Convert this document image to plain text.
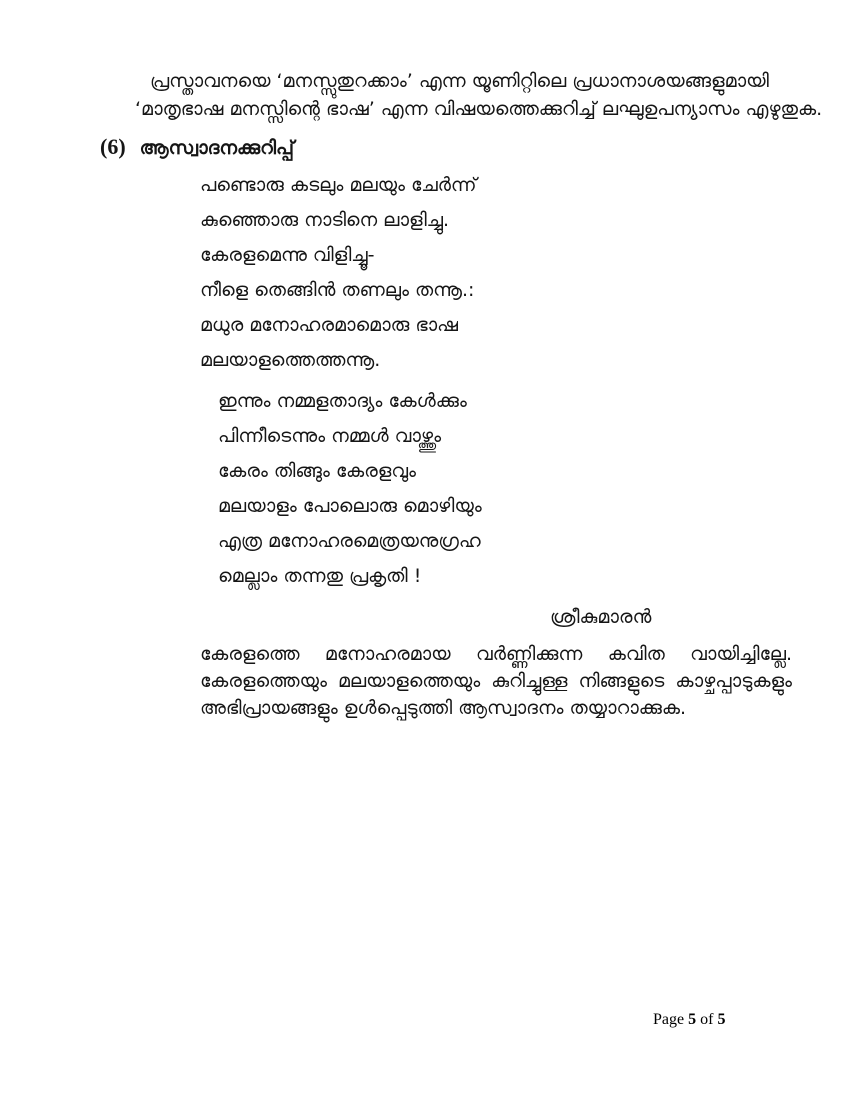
പ്രസ്താവനയെ ‘മനസ്സുതുറക്കാം’ എന്ന യൂണിറ്റിലെ പ്രധാനാശയങ്ങളുമായി
‘മാതൃഭാഷ മനസ്സിന്റെ ഭാഷ’ എന്ന വിഷയത്തെക്കുറിച്ച് ലഘുഉപന്യാസം എഴുതുക.
(6) ആസ്വാദനക്കുറിപ്പ്
പണ്ടൊരു കടലും മലയും ചേർന്ന്
കുഞ്ഞൊരു നാടിനെ ലാളിച്ചു.
കേരളമെന്നു വിളിച്ചൂ-
നീളെ തെങ്ങിൻ തണലും തന്നൂ.:
മധുര മനോഹരമാമൊരു ഭാഷ
മലയാളത്തെത്തന്നൂ.
ഇന്നും നമ്മളതാദ്യം കേൾക്കും
പിന്നീടെന്നും നമ്മൾ വാഴ്ത്തും
കേരം തിങ്ങും കേരളവും
മലയാളം പോലൊരു മൊഴിയും
എത്ര മനോഹരമെത്രയനുഗ്രഹ
മെല്ലാം തന്നതു പ്രകൃതി !
ശ്രീകുമാരൻ
കേരളത്തെ മനോഹരമായ വർണ്ണിക്കുന്ന കവിത വായിച്ചില്ലേ.
കേരളത്തെയും മലയാളത്തെയും കുറിച്ചുള്ള നിങ്ങളുടെ കാഴ്ചപ്പാടുകളും
അഭിപ്രായങ്ങളും ഉൾപ്പെടുത്തി ആസ്വാദനം തയ്യാറാക്കുക.
Page 5 of 5
